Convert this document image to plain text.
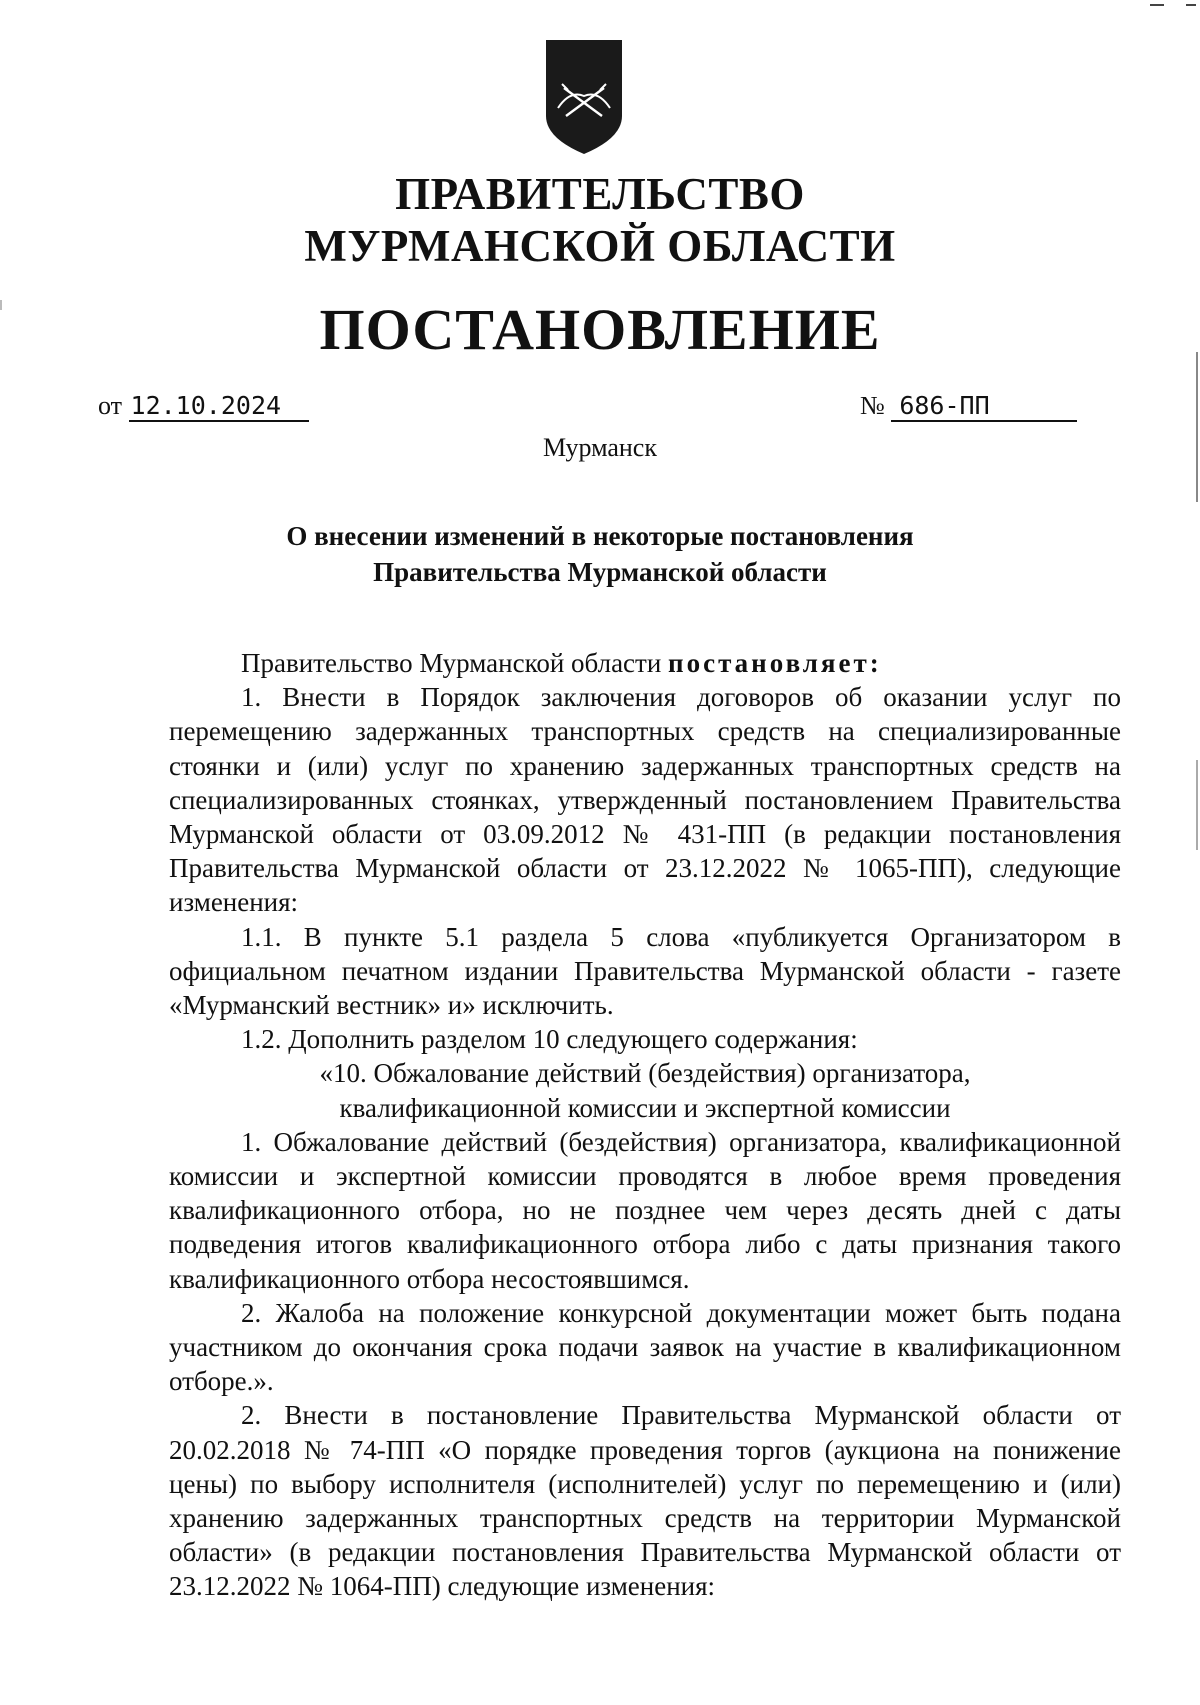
ПРАВИТЕЛЬСТВО
МУРМАНСКОЙ ОБЛАСТИ
ПОСТАНОВЛЕНИЕ
от 12.10.2024	№ 686-ПП
Мурманск
О внесении изменений в некоторые постановления
Правительства Мурманской области

Правительство Мурманской области постановляет:

1. Внести в Порядок заключения договоров об оказании услуг по перемещению задержанных транспортных средств на специализированные стоянки и (или) услуг по хранению задержанных транспортных средств на специализированных стоянках, утвержденный постановлением Правительства Мурманской области от 03.09.2012 № 431-ПП (в редакции постановления Правительства Мурманской области от 23.12.2022 № 1065-ПП), следующие изменения:

1.1. В пункте 5.1 раздела 5 слова «публикуется Организатором в официальном печатном издании Правительства Мурманской области - газете «Мурманский вестник» и» исключить.

1.2. Дополнить разделом 10 следующего содержания:

«10. Обжалование действий (бездействия) организатора,

квалификационной комиссии и экспертной комиссии

1. Обжалование действий (бездействия) организатора, квалификационной комиссии и экспертной комиссии проводятся в любое время проведения квалификационного отбора, но не позднее чем через десять дней с даты подведения итогов квалификационного отбора либо с даты признания такого квалификационного отбора несостоявшимся.

2. Жалоба на положение конкурсной документации может быть подана участником до окончания срока подачи заявок на участие в квалификационном отборе.».

2. Внести в постановление Правительства Мурманской области от 20.02.2018 № 74-ПП «О порядке проведения торгов (аукциона на понижение цены) по выбору исполнителя (исполнителей) услуг по перемещению и (или) хранению задержанных транспортных средств на территории Мурманской области» (в редакции постановления Правительства Мурманской области от 23.12.2022 № 1064-ПП) следующие изменения:
